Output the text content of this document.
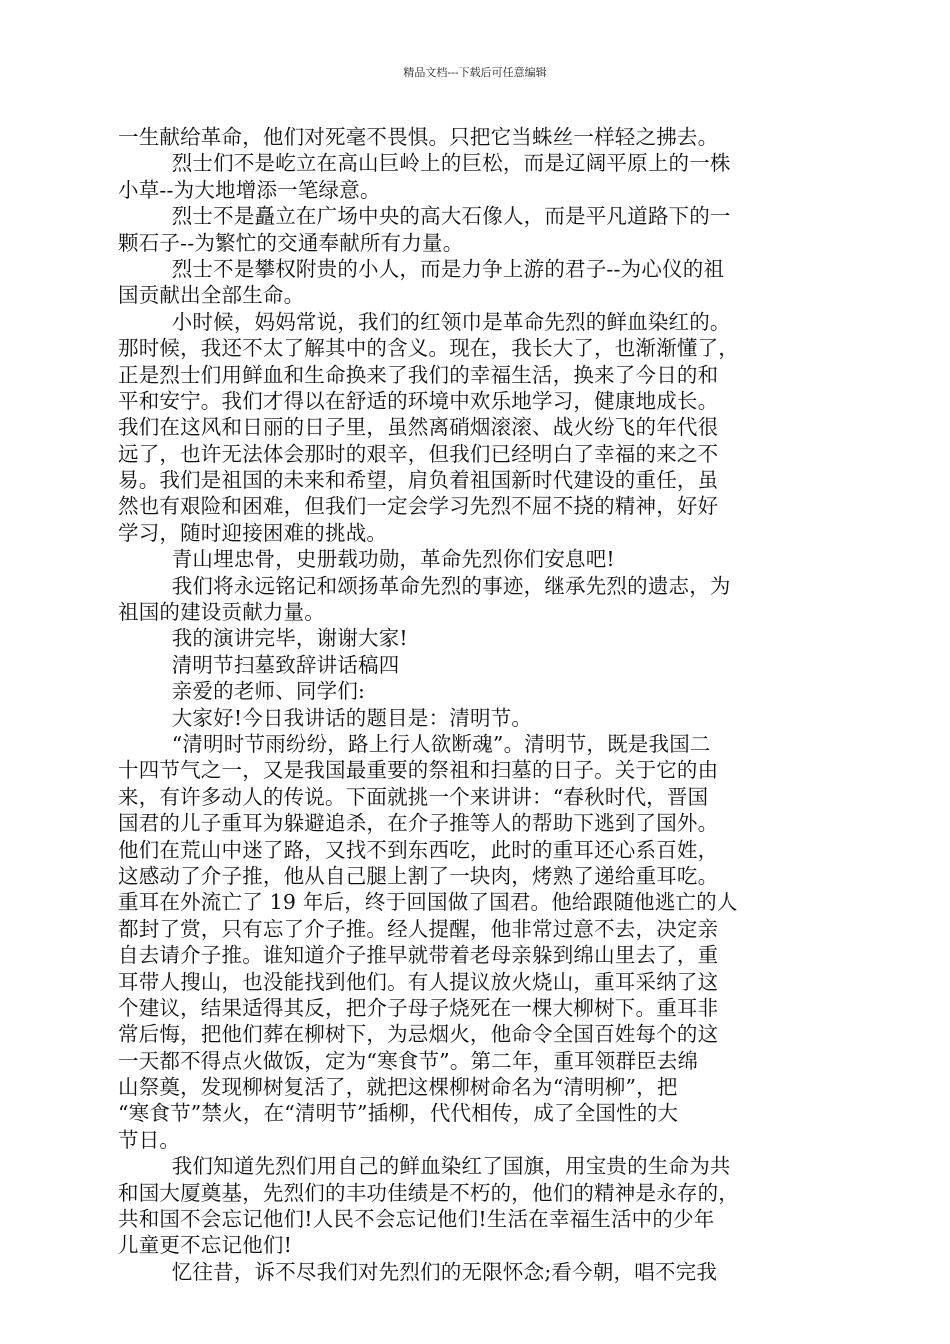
精品文档---下载后可任意编辑
一生献给革命，他们对死毫不畏惧。只把它当蛛丝一样轻之拂去。
烈士们不是屹立在高山巨岭上的巨松，而是辽阔平原上的一株
小草--为大地增添一笔绿意。
烈士不是矗立在广场中央的高大石像人，而是平凡道路下的一
颗石子--为繁忙的交通奉献所有力量。
烈士不是攀权附贵的小人，而是力争上游的君子--为心仪的祖
国贡献出全部生命。
小时候，妈妈常说，我们的红领巾是革命先烈的鲜血染红的。
那时候，我还不太了解其中的含义。现在，我长大了，也渐渐懂了，
正是烈士们用鲜血和生命换来了我们的幸福生活，换来了今日的和
平和安宁。我们才得以在舒适的环境中欢乐地学习，健康地成长。
我们在这风和日丽的日子里，虽然离硝烟滚滚、战火纷飞的年代很
远了，也许无法体会那时的艰辛，但我们已经明白了幸福的来之不
易。我们是祖国的未来和希望，肩负着祖国新时代建设的重任，虽
然也有艰险和困难，但我们一定会学习先烈不屈不挠的精神，好好
学习，随时迎接困难的挑战。
青山埋忠骨，史册载功勋，革命先烈你们安息吧!
我们将永远铭记和颂扬革命先烈的事迹，继承先烈的遗志，为
祖国的建设贡献力量。
我的演讲完毕，谢谢大家!
清明节扫墓致辞讲话稿四
亲爱的老师、同学们:
大家好!今日我讲话的题目是：清明节。
“清明时节雨纷纷，路上行人欲断魂”。清明节，既是我国二
十四节气之一，又是我国最重要的祭祖和扫墓的日子。关于它的由
来，有许多动人的传说。下面就挑一个来讲讲：“春秋时代，晋国
国君的儿子重耳为躲避追杀，在介子推等人的帮助下逃到了国外。
他们在荒山中迷了路，又找不到东西吃，此时的重耳还心系百姓，
这感动了介子推，他从自己腿上割了一块肉，烤熟了递给重耳吃。
重耳在外流亡了 19 年后，终于回国做了国君。他给跟随他逃亡的人
都封了赏，只有忘了介子推。经人提醒，他非常过意不去，决定亲
自去请介子推。谁知道介子推早就带着老母亲躲到绵山里去了，重
耳带人搜山，也没能找到他们。有人提议放火烧山，重耳采纳了这
个建议，结果适得其反，把介子母子烧死在一棵大柳树下。重耳非
常后悔，把他们葬在柳树下，为忌烟火，他命令全国百姓每个的这
一天都不得点火做饭，定为“寒食节”。第二年，重耳领群臣去绵
山祭奠，发现柳树复活了，就把这棵柳树命名为“清明柳”，把
“寒食节”禁火，在“清明节”插柳，代代相传，成了全国性的大
节日。
我们知道先烈们用自己的鲜血染红了国旗，用宝贵的生命为共
和国大厦奠基，先烈们的丰功佳绩是不朽的，他们的精神是永存的，
共和国不会忘记他们!人民不会忘记他们!生活在幸福生活中的少年
儿童更不忘记他们!
忆往昔，诉不尽我们对先烈们的无限怀念;看今朝，唱不完我
